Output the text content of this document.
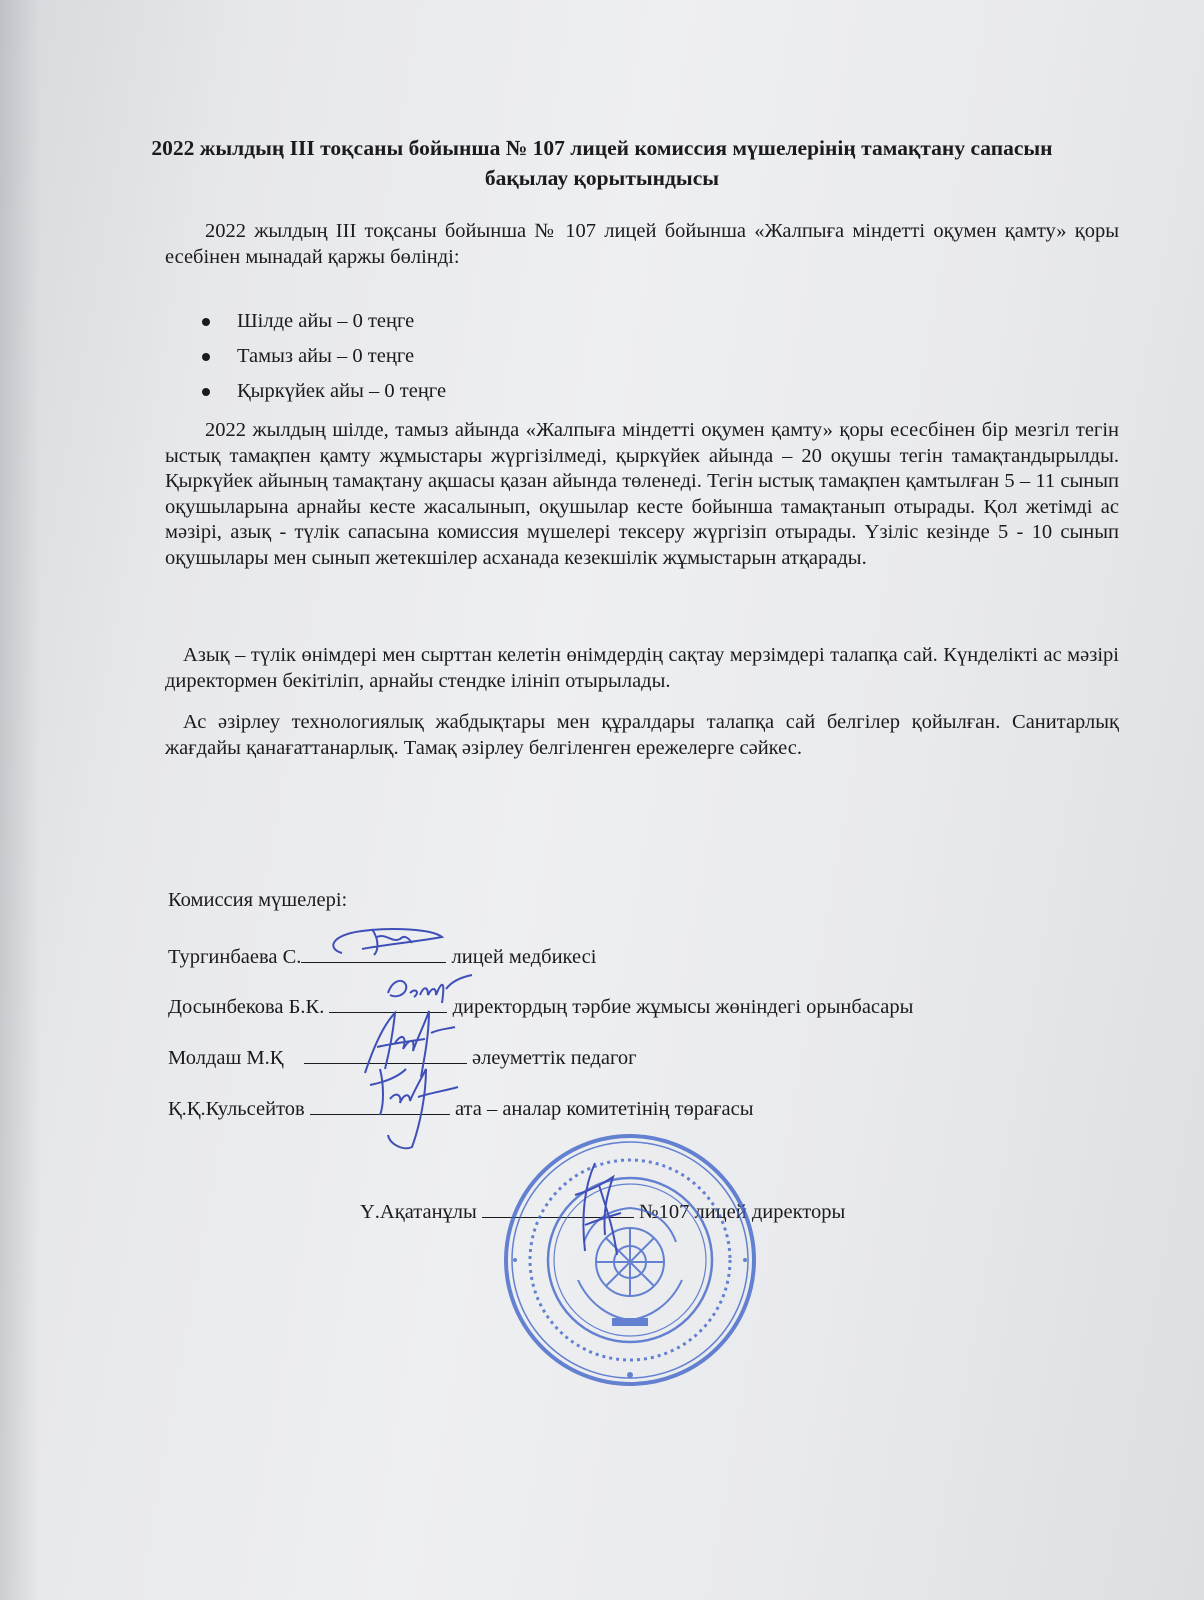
2022 жылдың ІІІ тоқсаны бойынша № 107 лицей комиссия мүшелерінің тамақтану сапасын бақылау қорытындысы
2022 жылдың ІІІ тоқсаны бойынша № 107 лицей бойынша «Жалпыға міндетті оқумен қамту» қоры есебінен мынадай қаржы бөлінді:
Шілде айы – 0 теңге
Тамыз айы – 0 теңге
Қыркүйек айы – 0 теңге
2022 жылдың шілде, тамыз айында «Жалпыға міндетті оқумен қамту» қоры есесбінен бір мезгіл тегін ыстық тамақпен қамту жұмыстары жүргізілмеді, қыркүйек айында – 20 оқушы тегін тамақтандырылды. Қыркүйек айының тамақтану ақшасы қазан айында төленеді. Тегін ыстық тамақпен қамтылған 5 – 11 сынып оқушыларына арнайы кесте жасалынып, оқушылар кесте бойынша тамақтанып отырады. Қол жетімді ас мәзірі, азық - түлік сапасына комиссия мүшелері тексеру жүргізіп отырады. Үзіліс кезінде 5 - 10 сынып оқушылары мен сынып жетекшілер асханада кезекшілік жұмыстарын атқарады.
Азық – түлік өнімдері мен сырттан келетін өнімдердің сақтау мерзімдері талапқа сай. Күнделікті ас мәзірі директормен бекітіліп, арнайы стендке ілініп отырылады.
Ас әзірлеу технологиялық жабдықтары мен құралдары талапқа сай белгілер қойылған. Санитарлық жағдайы қанағаттанарлық. Тамақ әзірлеу белгіленген ережелерге сәйкес.
Комиссия мүшелері:
Тургинбаева С.	лицей медбикесі
Досынбекова Б.К.	директордың тәрбие жұмысы жөніндегі орынбасары
Молдаш М.Қ	әлеуметтік педагог
Қ.Қ.Кульсейтов	ата – аналар комитетінің төрағасы
Ү.Ақатанұлы	№107 лицей директоры
